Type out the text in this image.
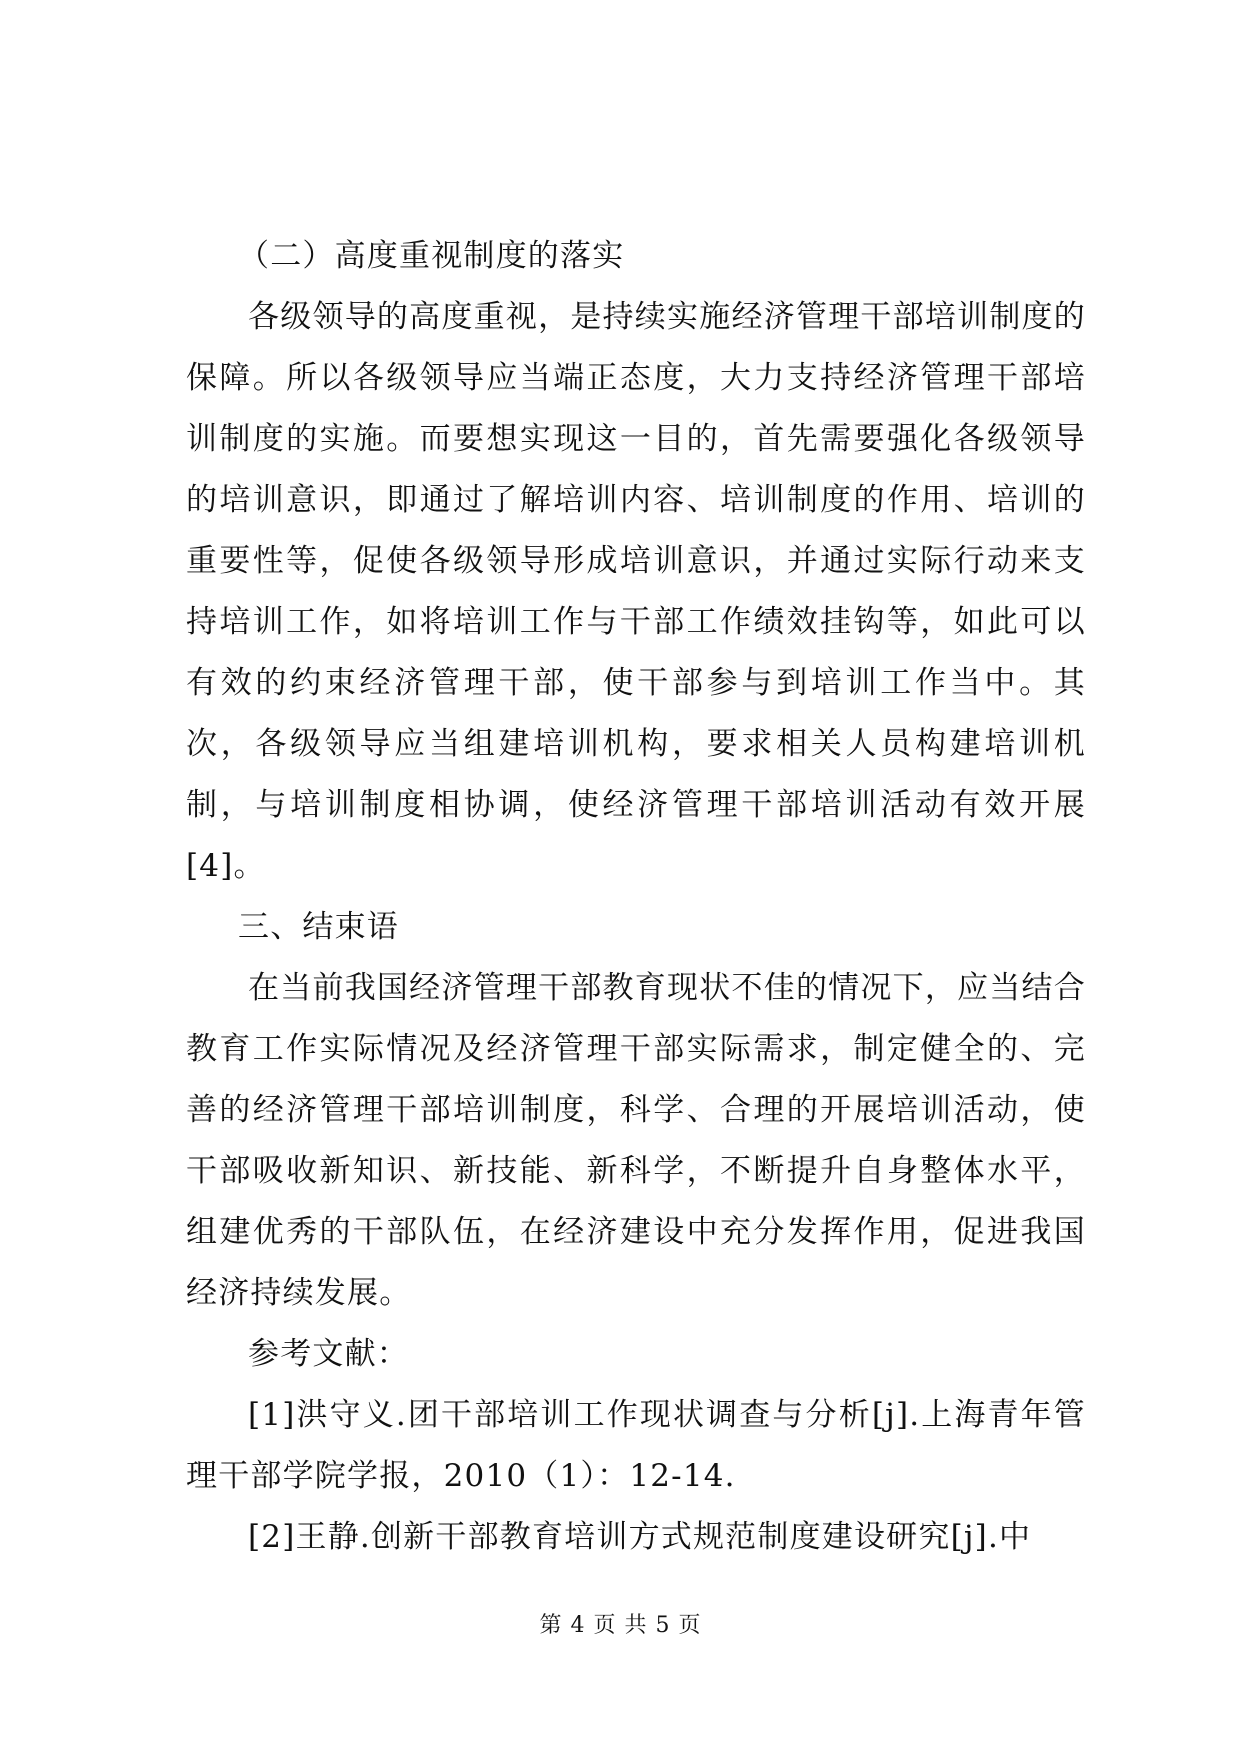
（二）高度重视制度的落实

各级领导的高度重视，是持续实施经济管理干部培训制度的保障。所以各级领导应当端正态度，大力支持经济管理干部培训制度的实施。而要想实现这一目的，首先需要强化各级领导的培训意识，即通过了解培训内容、培训制度的作用、培训的重要性等，促使各级领导形成培训意识，并通过实际行动来支持培训工作，如将培训工作与干部工作绩效挂钩等，如此可以有效的约束经济管理干部，使干部参与到培训工作当中。其次，各级领导应当组建培训机构，要求相关人员构建培训机制，与培训制度相协调，使经济管理干部培训活动有效开展[4]。

三、结束语

在当前我国经济管理干部教育现状不佳的情况下，应当结合教育工作实际情况及经济管理干部实际需求，制定健全的、完善的经济管理干部培训制度，科学、合理的开展培训活动，使干部吸收新知识、新技能、新科学，不断提升自身整体水平，组建优秀的干部队伍，在经济建设中充分发挥作用，促进我国经济持续发展。

参考文献：

[1]洪守义.团干部培训工作现状调查与分析[j].上海青年管理干部学院学报，2010（1）：12-14.

[2]王静.创新干部教育培训方式规范制度建设研究[j].中

第 4 页 共 5 页
